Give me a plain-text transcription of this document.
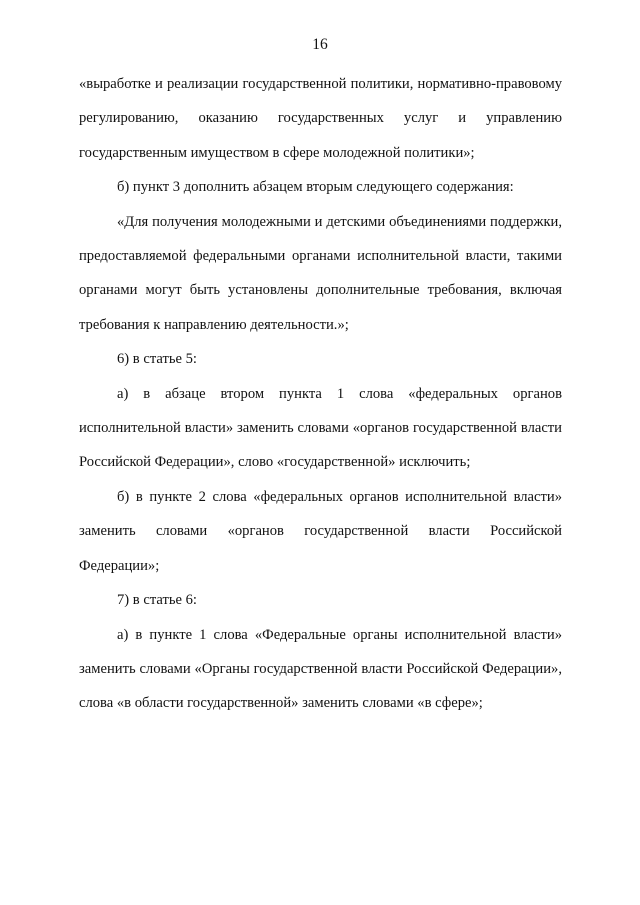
16

«выработке и реализации государственной политики, нормативно-правовому регулированию, оказанию государственных услуг и управлению государственным имуществом в сфере молодежной политики»;

б) пункт 3 дополнить абзацем вторым следующего содержания:

«Для получения молодежными и детскими объединениями поддержки, предоставляемой федеральными органами исполнительной власти, такими органами могут быть установлены дополнительные требования, включая требования к направлению деятельности.»;

6) в статье 5:

а) в абзаце втором пункта 1 слова «федеральных органов исполнительной власти» заменить словами «органов государственной власти Российской Федерации», слово «государственной» исключить;

б) в пункте 2 слова «федеральных органов исполнительной власти» заменить словами «органов государственной власти Российской Федерации»;

7) в статье 6:

а) в пункте 1 слова «Федеральные органы исполнительной власти» заменить словами «Органы государственной власти Российской Федерации», слова «в области государственной» заменить словами «в сфере»;
